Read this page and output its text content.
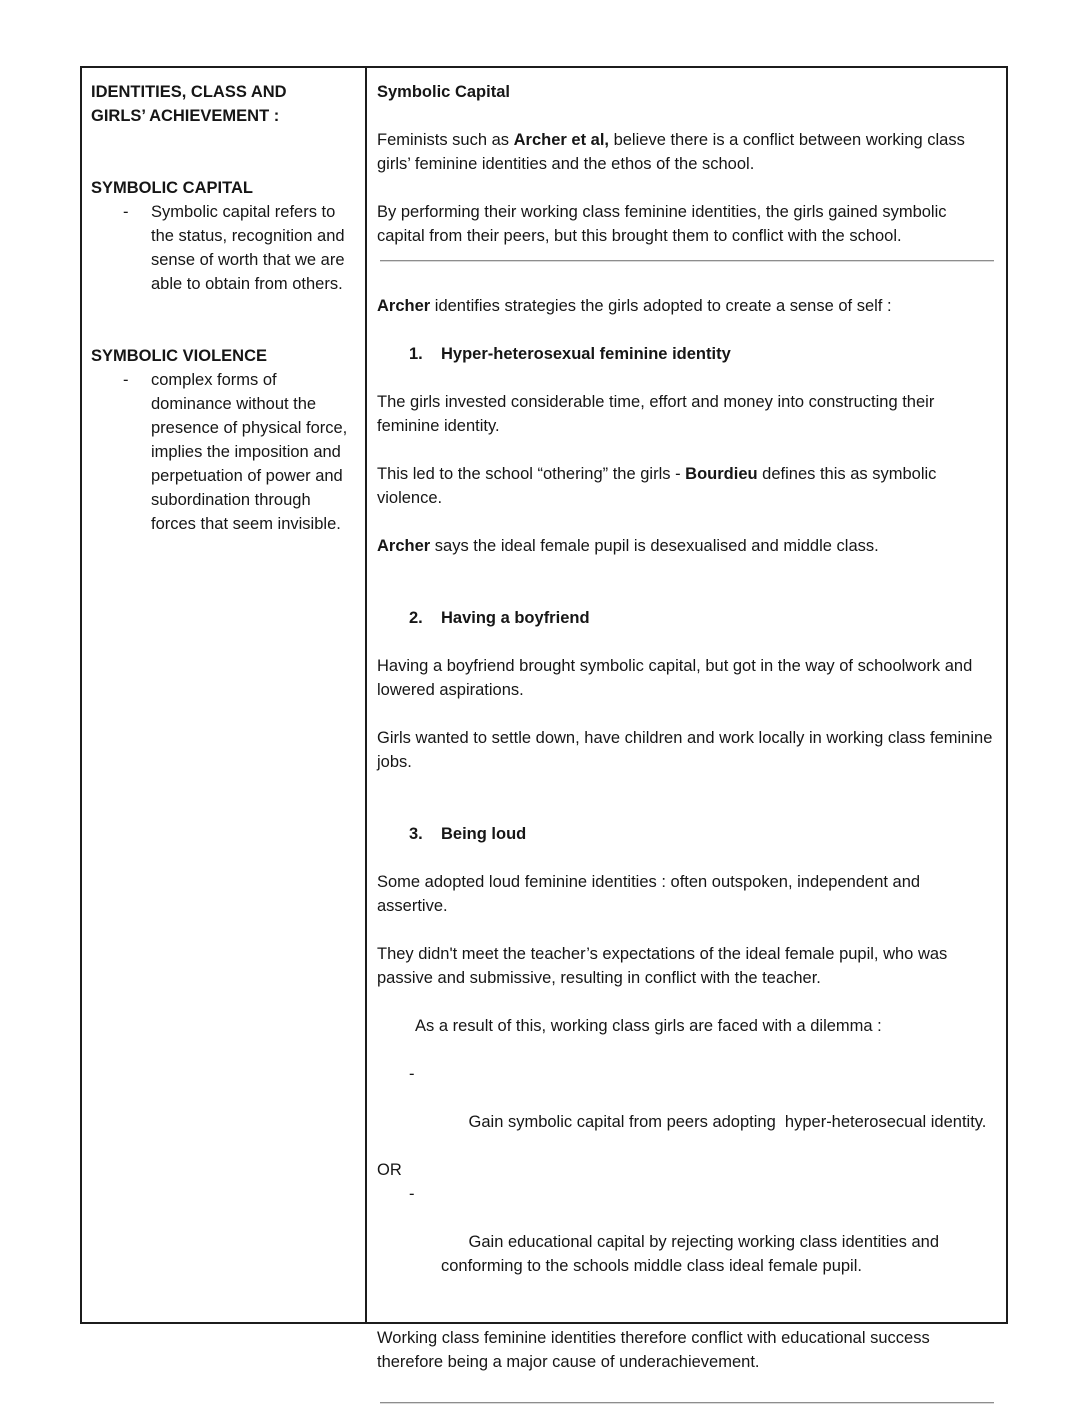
IDENTITIES, CLASS AND GIRLS’ ACHIEVEMENT :
SYMBOLIC CAPITAL
- Symbolic capital refers to the status, recognition and sense of worth that we are able to obtain from others.
SYMBOLIC VIOLENCE
- complex forms of dominance without the presence of physical force, implies the imposition and perpetuation of power and subordination through forces that seem invisible.
Symbolic Capital
Feminists such as Archer et al, believe there is a conflict between working class girls’ feminine identities and the ethos of the school.
By performing their working class feminine identities, the girls gained symbolic capital from their peers, but this brought them to conflict with the school.
Archer identifies strategies the girls adopted to create a sense of self :
1. Hyper-heterosexual feminine identity
The girls invested considerable time, effort and money into constructing their feminine identity.
This led to the school “othering” the girls - Bourdieu defines this as symbolic violence.
Archer says the ideal female pupil is desexualised and middle class.
2. Having a boyfriend
Having a boyfriend brought symbolic capital, but got in the way of schoolwork and lowered aspirations.
Girls wanted to settle down, have children and work locally in working class feminine jobs.
3. Being loud
Some adopted loud feminine identities : often outspoken, independent and assertive.
They didn't meet the teacher’s expectations of the ideal female pupil, who was passive and submissive, resulting in conflict with the teacher.
As a result of this, working class girls are faced with a dilemma :

-

Gain symbolic capital from peers adopting  hyper-heterosecual identity.

OR

-

Gain educational capital by rejecting working class identities and conforming to the schools middle class ideal female pupil.

Working class feminine identities therefore conflict with educational success therefore being a major cause of underachievement.
